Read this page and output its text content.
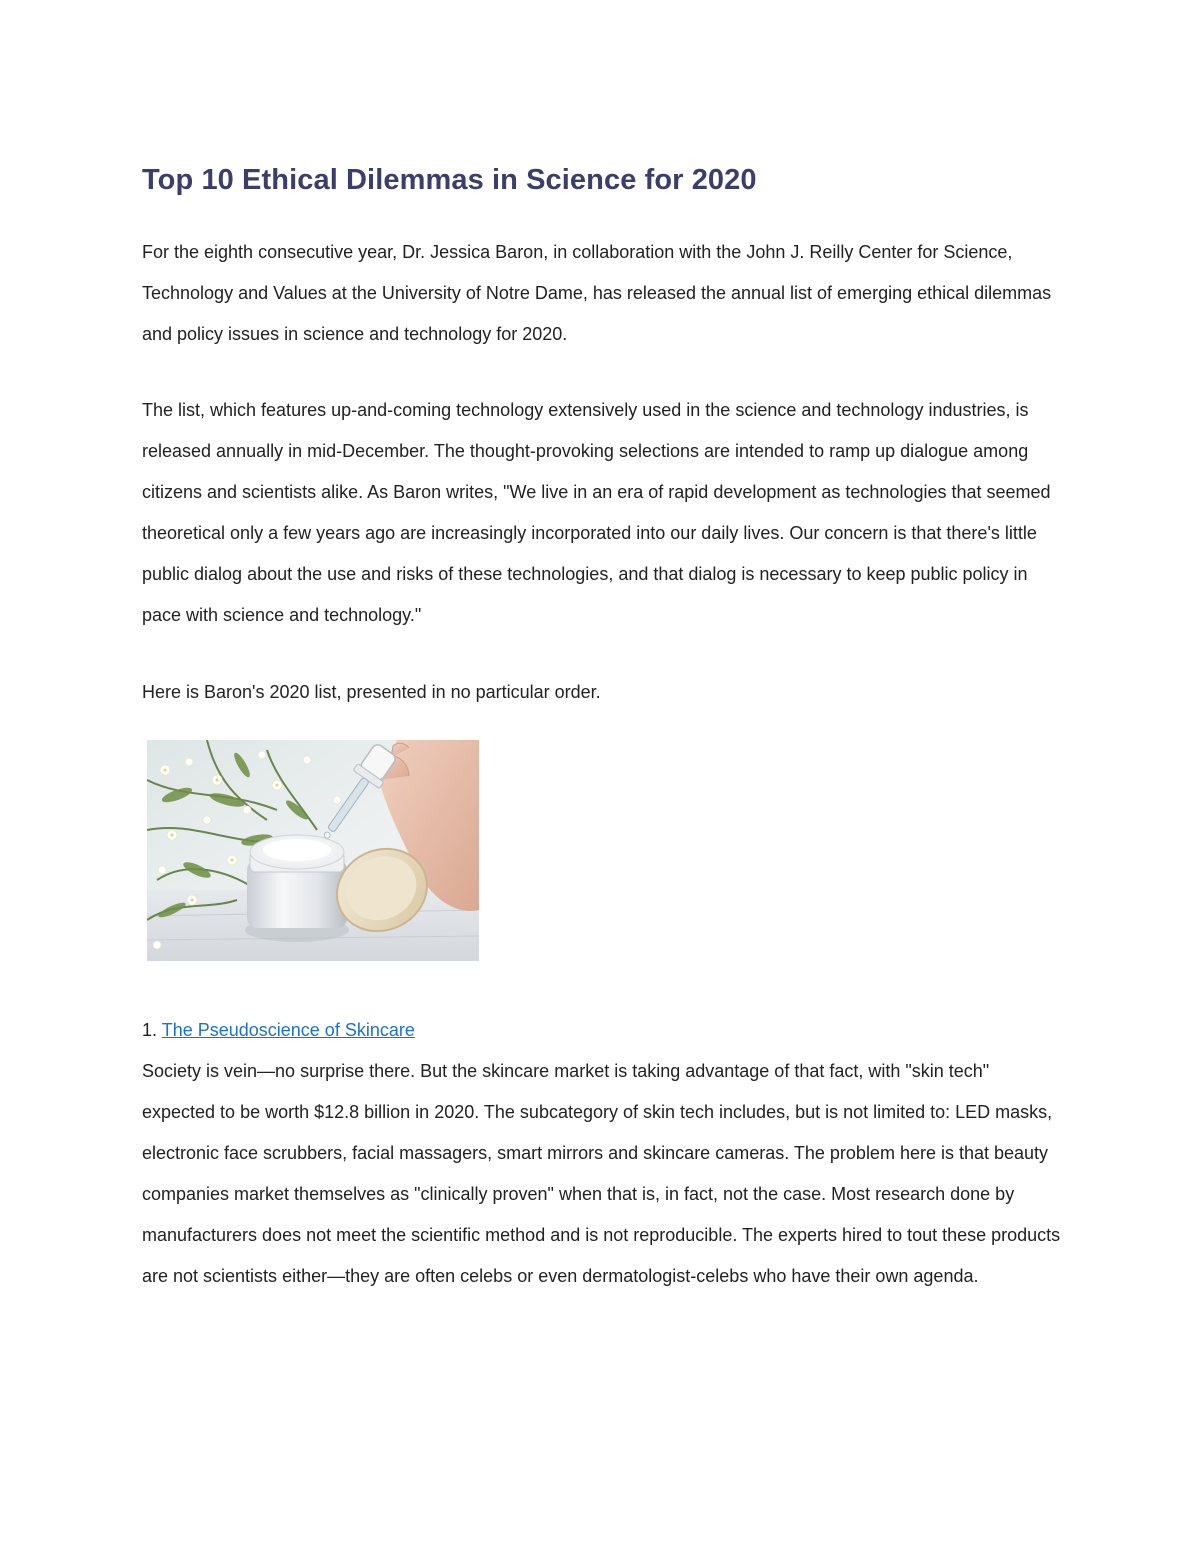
Top 10 Ethical Dilemmas in Science for 2020

For the eighth consecutive year, Dr. Jessica Baron, in collaboration with the John J. Reilly Center for Science, Technology and Values at the University of Notre Dame, has released the annual list of emerging ethical dilemmas and policy issues in science and technology for 2020.

The list, which features up-and-coming technology extensively used in the science and technology industries, is released annually in mid-December. The thought-provoking selections are intended to ramp up dialogue among citizens and scientists alike. As Baron writes, "We live in an era of rapid development as technologies that seemed theoretical only a few years ago are increasingly incorporated into our daily lives. Our concern is that there's little public dialog about the use and risks of these technologies, and that dialog is necessary to keep public policy in pace with science and technology."

Here is Baron's 2020 list, presented in no particular order.

1. The Pseudoscience of Skincare

Society is vein—no surprise there. But the skincare market is taking advantage of that fact, with "skin tech" expected to be worth $12.8 billion in 2020. The subcategory of skin tech includes, but is not limited to: LED masks, electronic face scrubbers, facial massagers, smart mirrors and skincare cameras. The problem here is that beauty companies market themselves as "clinically proven" when that is, in fact, not the case. Most research done by manufacturers does not meet the scientific method and is not reproducible. The experts hired to tout these products are not scientists either—they are often celebs or even dermatologist-celebs who have their own agenda.
